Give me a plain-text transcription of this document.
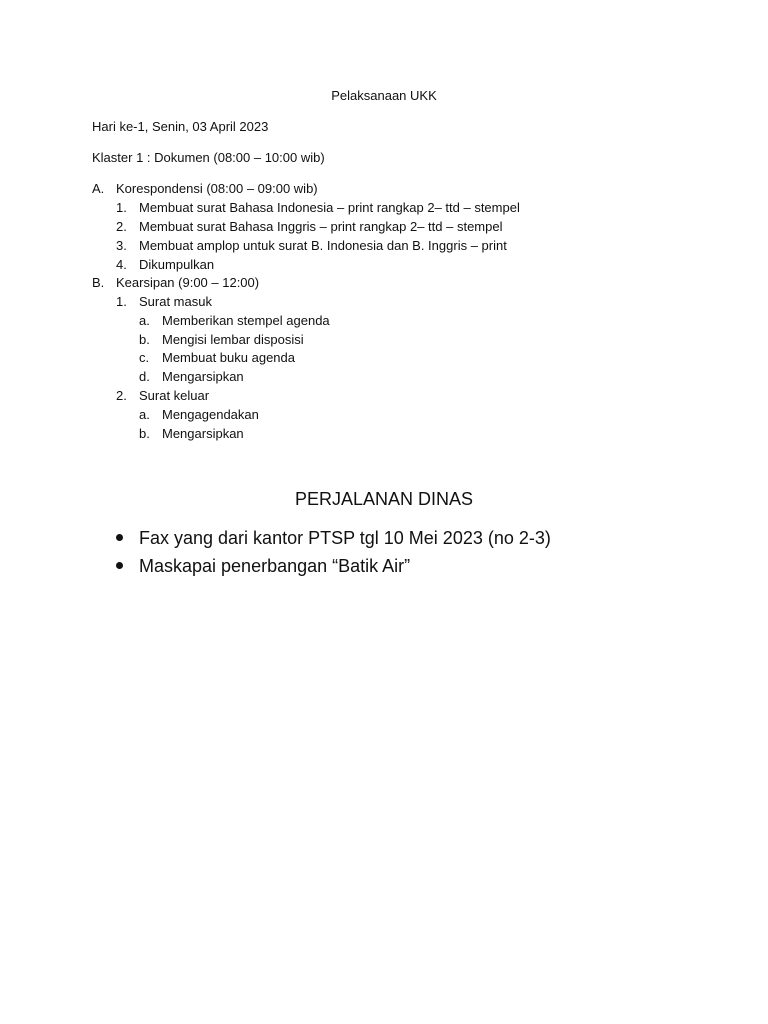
Pelaksanaan UKK
Hari ke-1, Senin, 03 April 2023
Klaster 1 : Dokumen (08:00 – 10:00 wib)
A. Korespondensi (08:00 – 09:00 wib)
1. Membuat surat Bahasa Indonesia – print rangkap 2– ttd – stempel
2. Membuat surat Bahasa Inggris – print rangkap 2– ttd – stempel
3. Membuat amplop untuk surat B. Indonesia dan B. Inggris – print
4. Dikumpulkan
B. Kearsipan (9:00 – 12:00)
1. Surat masuk
a. Memberikan stempel agenda
b. Mengisi lembar disposisi
c. Membuat buku agenda
d. Mengarsipkan
2. Surat keluar
a. Mengagendakan
b. Mengarsipkan
PERJALANAN DINAS
Fax yang dari kantor PTSP tgl 10 Mei 2023 (no 2-3)
Maskapai penerbangan “Batik Air”
